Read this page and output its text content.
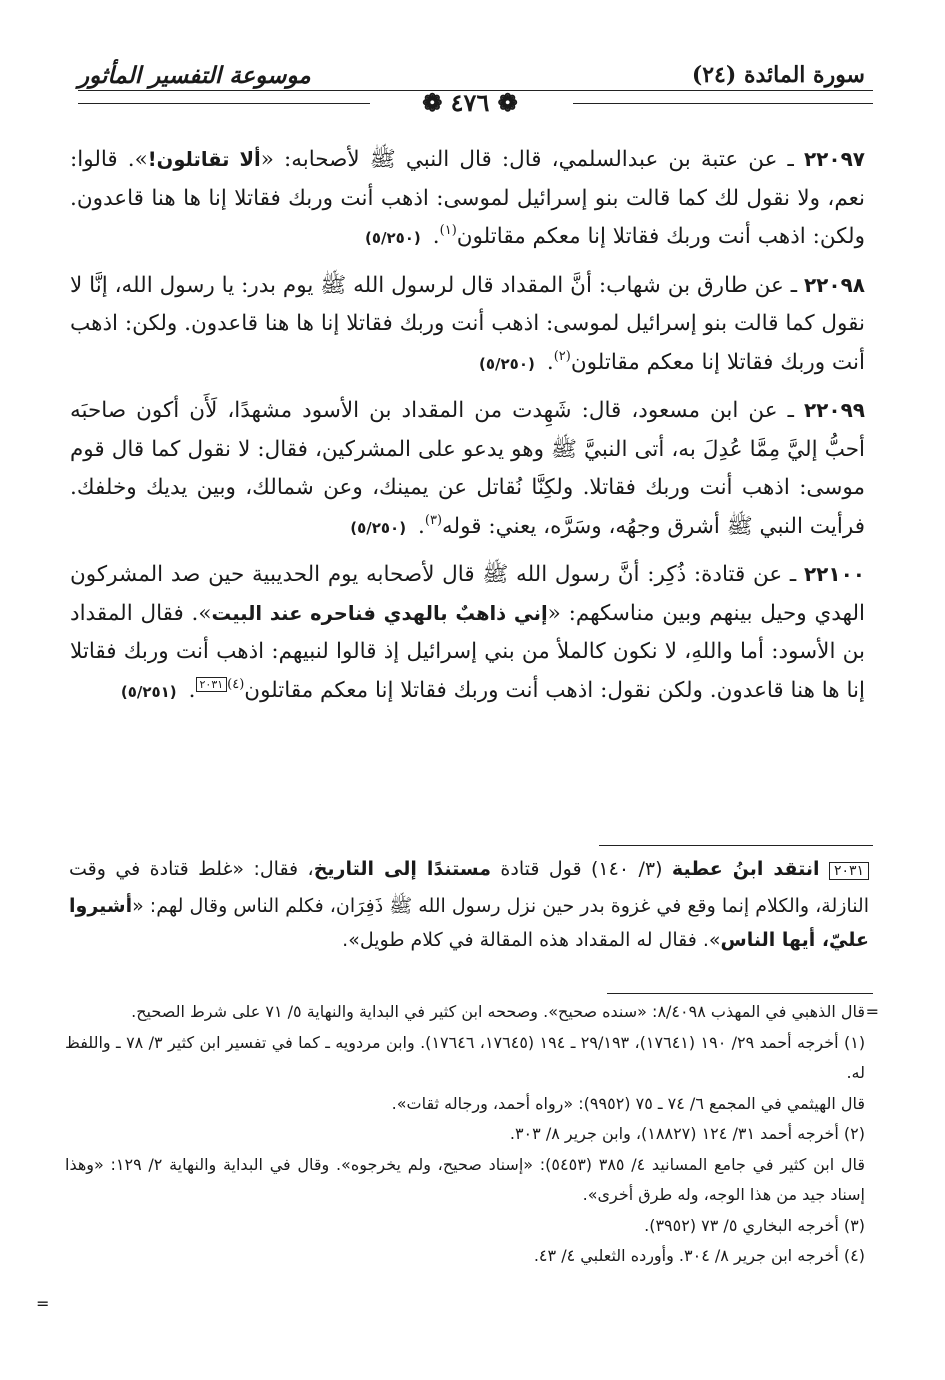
موسوعة التفسير المأثور	سورة المائدة (٢٤)
❁ ٤٧٦ ❁

٢٢٠٩٧ ـ عن عتبة بن عبدالسلمي، قال: قال النبي ﷺ لأصحابه: «ألا تقاتلون!». قالوا: نعم، ولا نقول لك كما قالت بنو إسرائيل لموسى: اذهب أنت وربك فقاتلا إنا ها هنا قاعدون. ولكن: اذهب أنت وربك فقاتلا إنا معكم مقاتلون$^{(١)}$.(٥/٢٥٠)

٢٢٠٩٨ ـ عن طارق بن شهاب: أنَّ المقداد قال لرسول الله ﷺ يوم بدر: يا رسول الله، إنَّا لا نقول كما قالت بنو إسرائيل لموسى: اذهب أنت وربك فقاتلا إنا ها هنا قاعدون. ولكن: اذهب أنت وربك فقاتلا إنا معكم مقاتلون$^{(٢)}$.(٥/٢٥٠)

٢٢٠٩٩ ـ عن ابن مسعود، قال: شَهِدت من المقداد بن الأسود مشهدًا، لَأَن أكون صاحبَه أحبُّ إليَّ مِمَّا عُدِلَ به، أتى النبيَّ ﷺ وهو يدعو على المشركين، فقال: لا نقول كما قال قوم موسى: اذهب أنت وربك فقاتلا. ولكِنَّا نُقاتل عن يمينك، وعن شمالك، وبين يديك وخلفك. فرأيت النبي ﷺ أشرق وجهُه، وسَرَّه، يعني: قوله$^{(٣)}$.(٥/٢٥٠)

٢٢١٠٠ ـ عن قتادة: ذُكِر: أنَّ رسول الله ﷺ قال لأصحابه يوم الحديبية حين صد المشركون الهدي وحيل بينهم وبين مناسكهم: «إني ذاهبٌ بالهدي فناحره عند البيت». فقال المقداد بن الأسود: أما واللهِ، لا نكون كالملأ من بني إسرائيل إذ قالوا لنبيهم: اذهب أنت وربك فقاتلا إنا ها هنا قاعدون. ولكن نقول: اذهب أنت وربك فقاتلا إنا معكم مقاتلون$^{(٤)٢٠٣١}$.(٥/٢٥١)

٢٠٣١ انتقد ابنُ عطية (٣/ ١٤٠) قول قتادة مستندًا إلى التاريخ، فقال: «غلط قتادة في وقت النازلة، والكلام إنما وقع في غزوة بدر حين نزل رسول الله ﷺ ذَفِرَان، فكلم الناس وقال لهم: «أشيروا عليّ، أيها الناس». فقال له المقداد هذه المقالة في كلام طويل».
=

قال الذهبي في المهذب ٨/٤٠٩٨: «سنده صحيح». وصححه ابن كثير في البداية والنهاية ٥/ ٧١ على شرط الصحيح.

(١) أخرجه أحمد ٢٩/ ١٩٠ (١٧٦٤١)، ٢٩/١٩٣ ـ ١٩٤ (١٧٦٤٥، ١٧٦٤٦). وابن مردويه ـ كما في تفسير ابن كثير ٣/ ٧٨ ـ واللفظ له.

قال الهيثمي في المجمع ٦/ ٧٤ ـ ٧٥ (٩٩٥٢): «رواه أحمد، ورجاله ثقات».

(٢) أخرجه أحمد ٣١/ ١٢٤ (١٨٨٢٧)، وابن جرير ٨/ ٣٠٣.

قال ابن كثير في جامع المسانيد ٤/ ٣٨٥ (٥٤٥٣): «إسناد صحيح، ولم يخرجوه». وقال في البداية والنهاية ٢/ ١٢٩: «وهذا إسناد جيد من هذا الوجه، وله طرق أخرى».

(٣) أخرجه البخاري ٥/ ٧٣ (٣٩٥٢).

(٤) أخرجه ابن جرير ٨/ ٣٠٤. وأورده الثعلبي ٤/ ٤٣.

=
